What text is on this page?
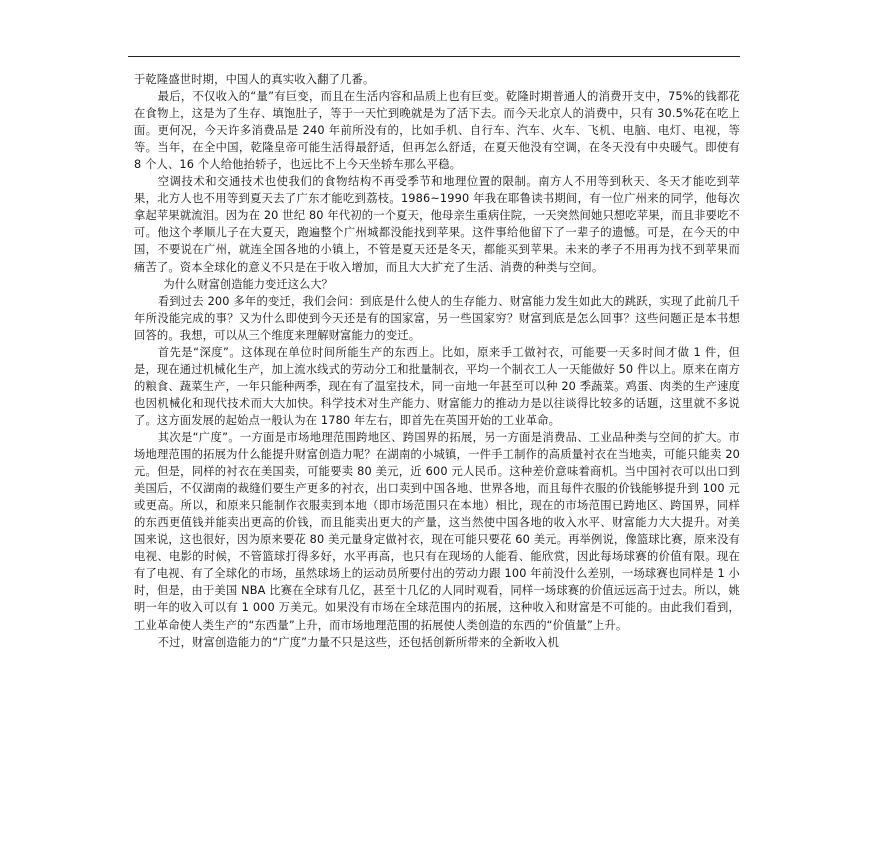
于乾隆盛世时期，中国人的真实收入翻了几番。

最后，不仅收入的“量”有巨变，而且在生活内容和品质上也有巨变。乾隆时期普通人的消费开支中，75%的钱都花在食物上，这是为了生存、填饱肚子，等于一天忙到晚就是为了活下去。而今天北京人的消费中，只有 30.5%花在吃上面。更何况，今天许多消费品是 240 年前所没有的，比如手机、自行车、汽车、火车、飞机、电脑、电灯、电视，等等。当年，在全中国，乾隆皇帝可能生活得最舒适，但再怎么舒适，在夏天他没有空调，在冬天没有中央暖气。即使有 8 个人、16 个人给他抬轿子，也远比不上今天坐轿车那么平稳。

空调技术和交通技术也使我们的食物结构不再受季节和地理位置的限制。南方人不用等到秋天、冬天才能吃到苹果，北方人也不用等到夏天去了广东才能吃到荔枝。1986~1990 年我在耶鲁读书期间，有一位广州来的同学，他每次拿起苹果就流泪。因为在 20 世纪 80 年代初的一个夏天，他母亲生重病住院，一天突然间她只想吃苹果，而且非要吃不可。他这个孝顺儿子在大夏天，跑遍整个广州城都没能找到苹果。这件事给他留下了一辈子的遗憾。可是，在今天的中国，不要说在广州，就连全国各地的小镇上，不管是夏天还是冬天，都能买到苹果。未来的孝子不用再为找不到苹果而痛苦了。资本全球化的意义不只是在于收入增加，而且大大扩充了生活、消费的种类与空间。

为什么财富创造能力变迁这么大？

看到过去 200 多年的变迁，我们会问：到底是什么使人的生存能力、财富能力发生如此大的跳跃，实现了此前几千年所没能完成的事？又为什么即使到今天还是有的国家富，另一些国家穷？财富到底是怎么回事？这些问题正是本书想回答的。我想，可以从三个维度来理解财富能力的变迁。

首先是“深度”。这体现在单位时间所能生产的东西上。比如，原来手工做衬衣，可能要一天多时间才做 1 件，但是，现在通过机械化生产，加上流水线式的劳动分工和批量制衣，平均一个制衣工人一天能做好 50 件以上。原来在南方的粮食、蔬菜生产，一年只能种两季，现在有了温室技术，同一亩地一年甚至可以种 20 季蔬菜。鸡蛋、肉类的生产速度也因机械化和现代技术而大大加快。科学技术对生产能力、财富能力的推动力是以往谈得比较多的话题，这里就不多说了。这方面发展的起始点一般认为在 1780 年左右，即首先在英国开始的工业革命。

其次是“广度”。一方面是市场地理范围跨地区、跨国界的拓展，另一方面是消费品、工业品种类与空间的扩大。市场地理范围的拓展为什么能提升财富创造力呢？在湖南的小城镇，一件手工制作的高质量衬衣在当地卖，可能只能卖 20 元。但是，同样的衬衣在美国卖，可能要卖 80 美元，近 600 元人民币。这种差价意味着商机。当中国衬衣可以出口到美国后，不仅湖南的裁缝们要生产更多的衬衣，出口卖到中国各地、世界各地，而且每件衣服的价钱能够提升到 100 元或更高。所以，和原来只能制作衣服卖到本地（即市场范围只在本地）相比，现在的市场范围已跨地区、跨国界，同样的东西更值钱并能卖出更高的价钱，而且能卖出更大的产量，这当然使中国各地的收入水平、财富能力大大提升。对美国来说，这也很好，因为原来要花 80 美元量身定做衬衣，现在可能只要花 60 美元。再举例说，像篮球比赛，原来没有电视、电影的时候，不管篮球打得多好，水平再高，也只有在现场的人能看、能欣赏，因此每场球赛的价值有限。现在有了电视、有了全球化的市场，虽然球场上的运动员所要付出的劳动力跟 100 年前没什么差别，一场球赛也同样是 1 小时，但是，由于美国 NBA 比赛在全球有几亿，甚至十几亿的人同时观看，同样一场球赛的价值远远高于过去。所以，姚明一年的收入可以有 1 000 万美元。如果没有市场在全球范围内的拓展，这种收入和财富是不可能的。由此我们看到，工业革命使人类生产的“东西量”上升，而市场地理范围的拓展使人类创造的东西的“价值量”上升。

不过，财富创造能力的“广度”力量不只是这些，还包括创新所带来的全新收入机
